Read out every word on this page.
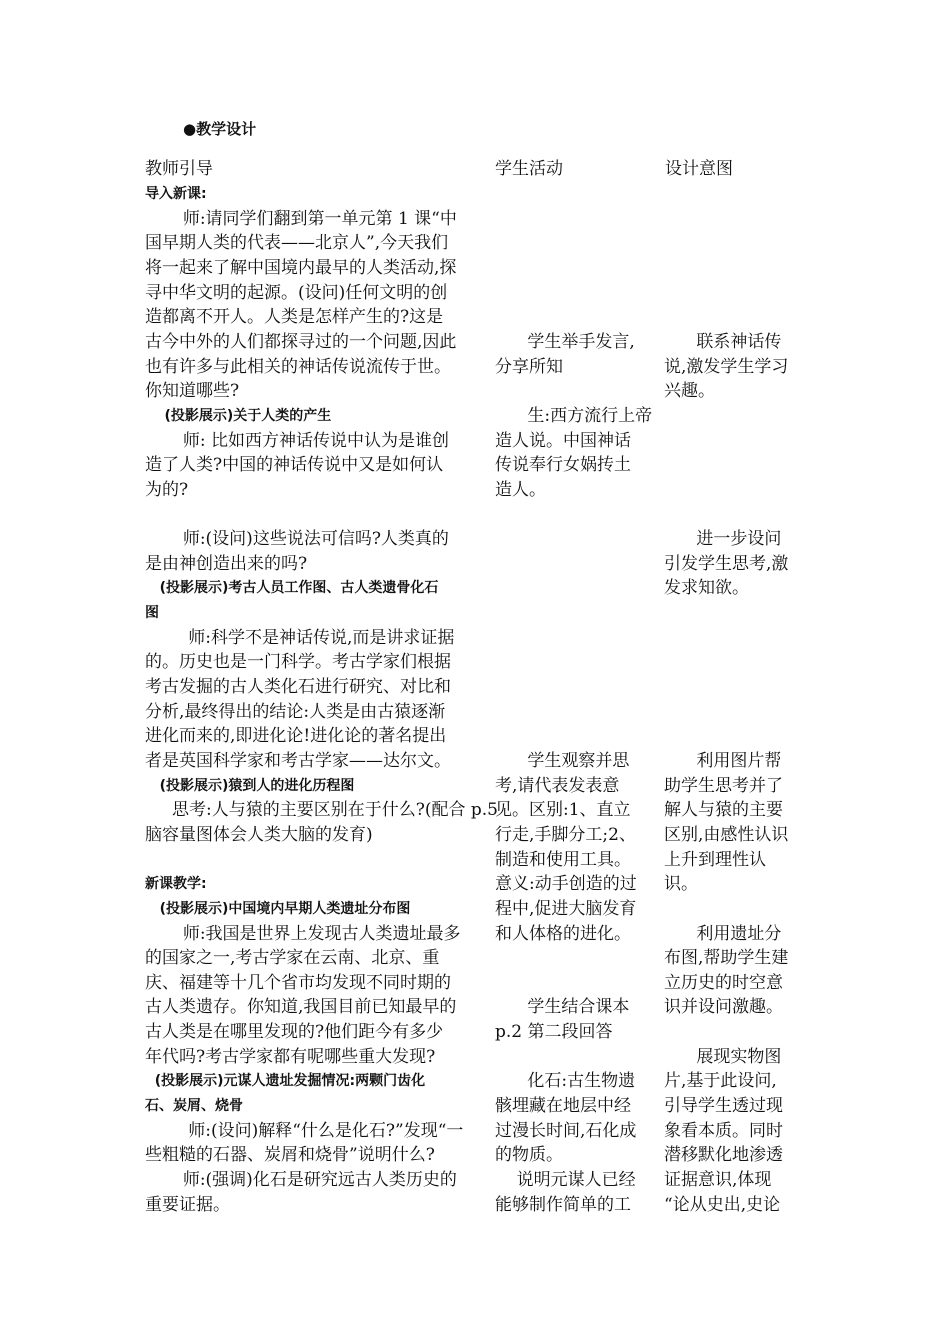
●教学设计
教师引导	学生活动	设计意图
导入新课:
师:请同学们翻到第一单元第 1 课“中
国早期人类的代表——北京人”,今天我们
将一起来了解中国境内最早的人类活动,探
寻中华文明的起源。(设问)任何文明的创
造都离不开人。人类是怎样产生的?这是
古今中外的人们都探寻过的一个问题,因此
也有许多与此相关的神话传说流传于世。
你知道哪些?
(投影展示)关于人类的产生
师: 比如西方神话传说中认为是谁创
造了人类?中国的神话传说中又是如何认
为的?
师:(设问)这些说法可信吗?人类真的
是由神创造出来的吗?
(投影展示)考古人员工作图、古人类遗骨化石
图
师:科学不是神话传说,而是讲求证据
的。历史也是一门科学。考古学家们根据
考古发掘的古人类化石进行研究、对比和
分析,最终得出的结论:人类是由古猿逐渐
进化而来的,即进化论!进化论的著名提出
者是英国科学家和考古学家——达尔文。
(投影展示)猿到人的进化历程图
思考:人与猿的主要区别在于什么?(配合 p.5
脑容量图体会人类大脑的发育)
新课教学:
(投影展示)中国境内早期人类遗址分布图
师:我国是世界上发现古人类遗址最多
的国家之一,考古学家在云南、北京、重
庆、福建等十几个省市均发现不同时期的
古人类遗存。你知道,我国目前已知最早的
古人类是在哪里发现的?他们距今有多少
年代吗?考古学家都有呢哪些重大发现?
(投影展示)元谋人遗址发掘情况:两颗门齿化
石、炭屑、烧骨
师:(设问)解释“什么是化石?”发现“一
些粗糙的石器、炭屑和烧骨”说明什么?
师:(强调)化石是研究远古人类历史的
重要证据。
学生举手发言,
分享所知
生:西方流行上帝
造人说。中国神话
传说奉行女娲抟土
造人。
学生观察并思
考,请代表发表意
见。区别:1、直立
行走,手脚分工;2、
制造和使用工具。
意义:动手创造的过
程中,促进大脑发育
和人体格的进化。
学生结合课本
p.2 第二段回答
化石:古生物遗
骸埋藏在地层中经
过漫长时间,石化成
的物质。
说明元谋人已经
能够制作简单的工
联系神话传
说,激发学生学习
兴趣。
进一步设问
引发学生思考,激
发求知欲。
利用图片帮
助学生思考并了
解人与猿的主要
区别,由感性认识
上升到理性认
识。
利用遗址分
布图,帮助学生建
立历史的时空意
识并设问激趣。
展现实物图
片,基于此设问,
引导学生透过现
象看本质。同时
潜移默化地渗透
证据意识,体现
“论从史出,史论
